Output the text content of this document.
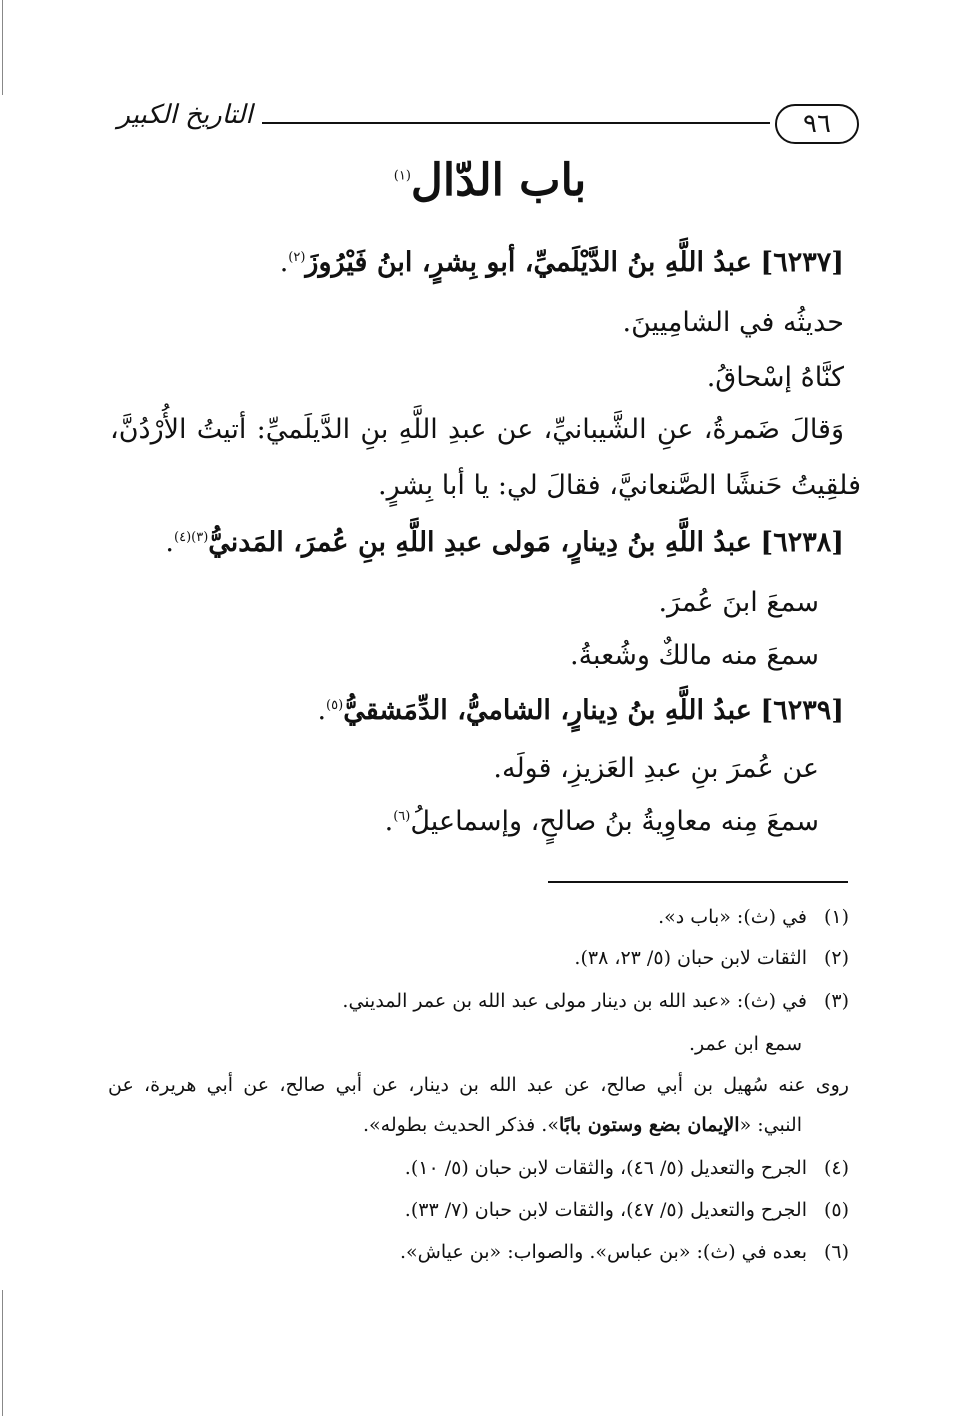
التاريخ الكبير	٩٦
باب الدّال$^{(١)}$
[٦٢٣٧] عبدُ اللَّهِ بنُ الدَّيْلَميِّ، أبو بِشرٍ، ابنُ فَيْرُوزَ$^{(٢)}$.
حديثُه في الشامِيينَ.
كنَّاهُ إسْحاقُ.
وَقالَ ضَمرةُ، عنِ الشَّيبانيِّ، عن عبدِ اللَّهِ بنِ الدَّيلَميِّ: أتيتُ الأُرْدُنَّ،
فلقِيتُ حَنشًا الصَّنعانيَّ، فقالَ لي: يا أبا بِشرٍ.
[٦٢٣٨] عبدُ اللَّهِ بنُ دِينارٍ، مَولى عبدِ اللَّهِ بنِ عُمرَ، المَدنيُّ$^{(٣)(٤)}$.
سمعَ ابنَ عُمرَ.
سمعَ منه مالكٌ وشُعبةُ.
[٦٢٣٩] عبدُ اللَّهِ بنُ دِينارٍ، الشاميُّ، الدِّمَشقيُّ$^{(٥)}$.
عن عُمرَ بنِ عبدِ العَزيزِ، قولَه.
سمعَ مِنه معاوِيةُ بنُ صالحٍ، وإسماعيلُ$^{(٦)}$.
(١)في (ث): «باب د».
(٢)الثقات لابن حبان (٥/ ٢٣، ٣٨).
(٣)في (ث): «عبد الله بن دينار مولى عبد الله بن عمر المديني.
سمع ابن عمر.
روى عنه سُهيل بن أبي صالح، عن عبد الله بن دينار، عن أبي صالح، عن أبي هريرة، عن
النبي: «الإيمان بضع وستون بابًا». فذكر الحديث بطوله».
(٤)الجرح والتعديل (٥/ ٤٦)، والثقات لابن حبان (٥/ ١٠).
(٥)الجرح والتعديل (٥/ ٤٧)، والثقات لابن حبان (٧/ ٣٣).
(٦)بعده في (ث): «بن عباس». والصواب: «بن عياش».
